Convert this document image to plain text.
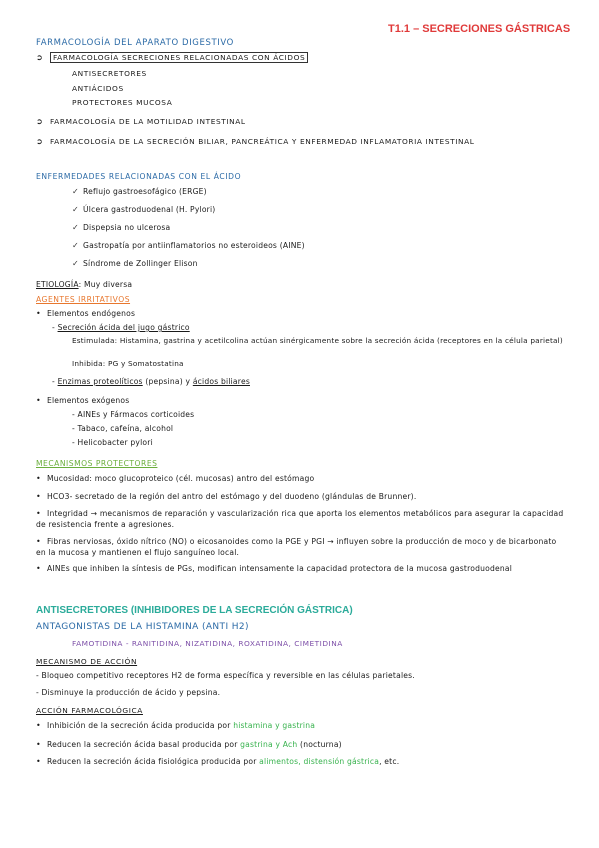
T1.1 – SECRECIONES GÁSTRICAS
FARMACOLOGÍA DEL APARATO DIGESTIVO
➲ FARMACOLOGÍA SECRECIONES RELACIONADAS CON ÁCIDOS
ANTISECRETORES
ANTIÁCIDOS
PROTECTORES MUCOSA
➲ FARMACOLOGÍA DE LA MOTILIDAD INTESTINAL
➲ FARMACOLOGÍA DE LA SECRECIÓN BILIAR, PANCREÁTICA Y ENFERMEDAD INFLAMATORIA INTESTINAL
ENFERMEDADES RELACIONADAS CON EL ÁCIDO
✓ Reflujo gastroesofágico (ERGE)
✓ Úlcera gastroduodenal (H. Pylori)
✓ Dispepsia no ulcerosa
✓ Gastropatía por antiinflamatorios no esteroideos (AINE)
✓ Síndrome de Zollinger Elison
ETIOLOGÍA: Muy diversa
AGENTES IRRITATIVOS
• Elementos endógenos
- Secreción ácida del jugo gástrico
Estimulada: Histamina, gastrina y acetilcolina actúan sinérgicamente sobre la secreción ácida (receptores en la célula parietal)
Inhibida: PG y Somatostatina
- Enzimas proteolíticos (pepsina) y ácidos biliares
• Elementos exógenos
- AINEs y Fármacos corticoides
- Tabaco, cafeína, alcohol
- Helicobacter pylori
MECANISMOS PROTECTORES
• Mucosidad: moco glucoproteico (cél. mucosas) antro del estómago
• HCO3- secretado de la región del antro del estómago y del duodeno (glándulas de Brunner).
• Integridad → mecanismos de reparación y vascularización rica que aporta los elementos metabólicos para asegurar la capacidad de resistencia frente a agresiones.
• Fibras nerviosas, óxido nítrico (NO) o eicosanoides como la PGE y PGI → influyen sobre la producción de moco y de bicarbonato en la mucosa y mantienen el flujo sanguíneo local.
• AINEs que inhiben la síntesis de PGs, modifican intensamente la capacidad protectora de la mucosa gastroduodenal
ANTISECRETORES (INHIBIDORES DE LA SECRECIÓN GÁSTRICA)
ANTAGONISTAS DE LA HISTAMINA (ANTI H2)
FAMOTIDINA - RANITIDINA, NIZATIDINA, ROXATIDINA, CIMETIDINA
MECANISMO DE ACCIÓN
- Bloqueo competitivo receptores H2 de forma específica y reversible en las células parietales.
- Disminuye la producción de ácido y pepsina.
ACCIÓN FARMACOLÓGICA
• Inhibición de la secreción ácida producida por histamina y gastrina
• Reducen la secreción ácida basal producida por gastrina y Ach (nocturna)
• Reducen la secreción ácida fisiológica producida por alimentos, distensión gástrica, etc.
